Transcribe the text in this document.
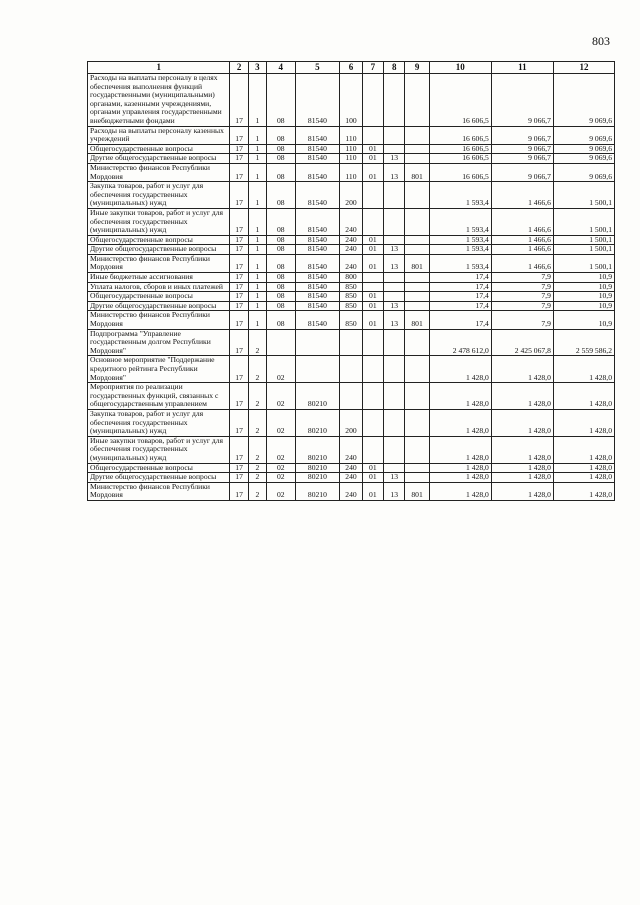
803
1	2	3	4	5	6	7	8	9	10	11	12
Расходы на выплаты персоналу в целях обеспечения выполнения функций государственными (муниципальными) органами, казенными учреждениями, органами управления государственными внебюджетными фондами	17	1	08	81540	100				16 606,5	9 066,7	9 069,6
Расходы на выплаты персоналу казенных учреждений	17	1	08	81540	110				16 606,5	9 066,7	9 069,6
Общегосударственные вопросы	17	1	08	81540	110	01			16 606,5	9 066,7	9 069,6
Другие общегосударственные вопросы	17	1	08	81540	110	01	13		16 606,5	9 066,7	9 069,6
Министерство финансов Республики Мордовия	17	1	08	81540	110	01	13	801	16 606,5	9 066,7	9 069,6
Закупка товаров, работ и услуг для обеспечения государственных (муниципальных) нужд	17	1	08	81540	200				1 593,4	1 466,6	1 500,1
Иные закупки товаров, работ и услуг для обеспечения государственных (муниципальных) нужд	17	1	08	81540	240				1 593,4	1 466,6	1 500,1
Общегосударственные вопросы	17	1	08	81540	240	01			1 593,4	1 466,6	1 500,1
Другие общегосударственные вопросы	17	1	08	81540	240	01	13		1 593,4	1 466,6	1 500,1
Министерство финансов Республики Мордовия	17	1	08	81540	240	01	13	801	1 593,4	1 466,6	1 500,1
Иные бюджетные ассигнования	17	1	08	81540	800				17,4	7,9	10,9
Уплата налогов, сборов и иных платежей	17	1	08	81540	850				17,4	7,9	10,9
Общегосударственные вопросы	17	1	08	81540	850	01			17,4	7,9	10,9
Другие общегосударственные вопросы	17	1	08	81540	850	01	13		17,4	7,9	10,9
Министерство финансов Республики Мордовия	17	1	08	81540	850	01	13	801	17,4	7,9	10,9
Подпрограмма "Управление государственным долгом Республики Мордовия"	17	2							2 478 612,0	2 425 067,8	2 559 586,2
Основное мероприятие "Поддержание кредитного рейтинга Республики Мордовия"	17	2	02						1 428,0	1 428,0	1 428,0
Мероприятия по реализации государственных функций, связанных с общегосударственным управлением	17	2	02	80210					1 428,0	1 428,0	1 428,0
Закупка товаров, работ и услуг для обеспечения государственных (муниципальных) нужд	17	2	02	80210	200				1 428,0	1 428,0	1 428,0
Иные закупки товаров, работ и услуг для обеспечения государственных (муниципальных) нужд	17	2	02	80210	240				1 428,0	1 428,0	1 428,0
Общегосударственные вопросы	17	2	02	80210	240	01			1 428,0	1 428,0	1 428,0
Другие общегосударственные вопросы	17	2	02	80210	240	01	13		1 428,0	1 428,0	1 428,0
Министерство финансов Республики Мордовия	17	2	02	80210	240	01	13	801	1 428,0	1 428,0	1 428,0
